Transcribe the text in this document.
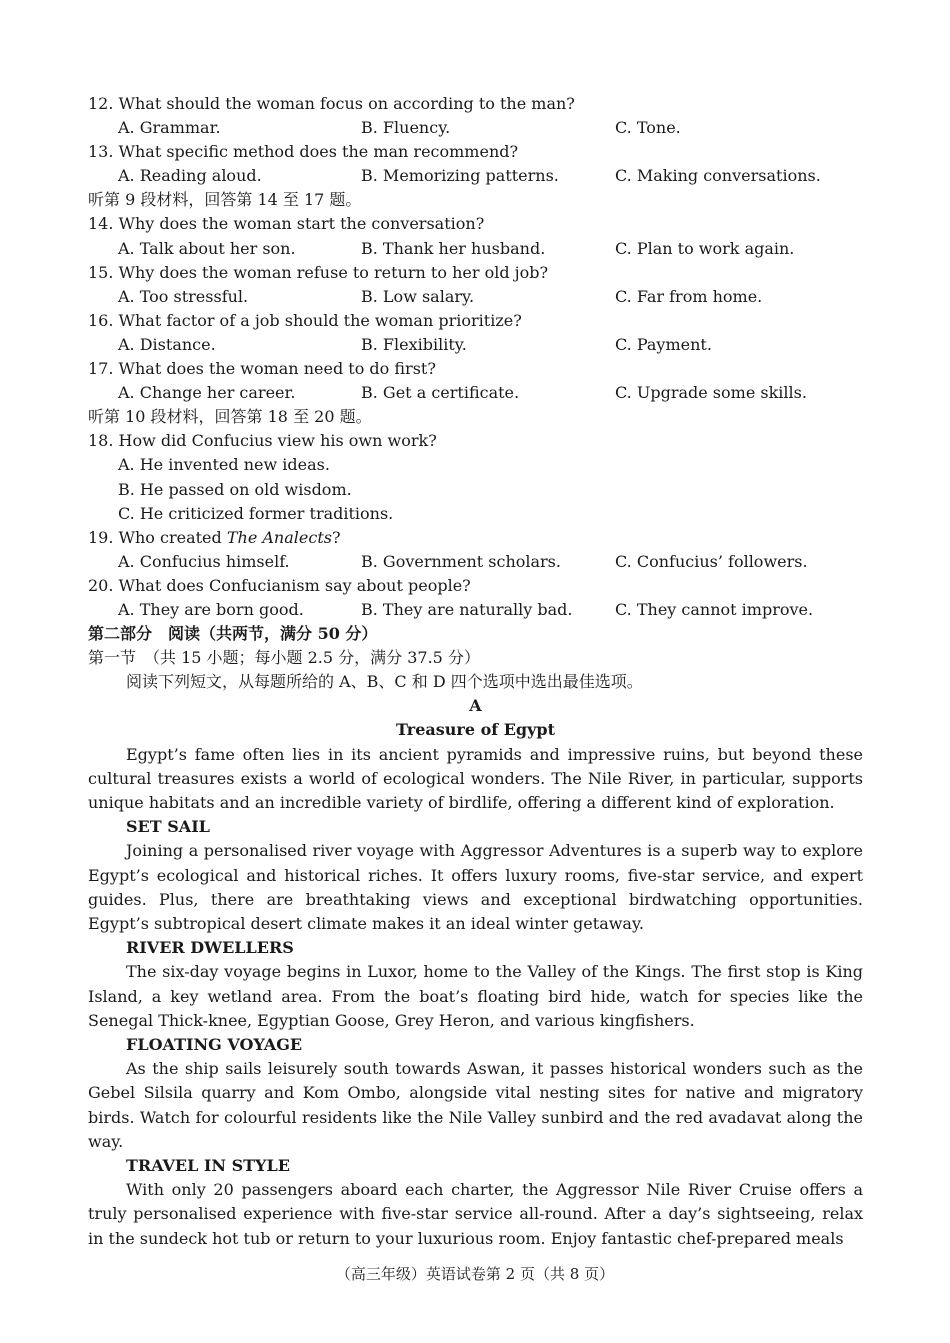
12. What should the woman focus on according to the man?
A. Grammar.	B. Fluency.	C. Tone.
13. What specific method does the man recommend?
A. Reading aloud.	B. Memorizing patterns.	C. Making conversations.
听第 9 段材料，回答第 14 至 17 题。
14. Why does the woman start the conversation?
A. Talk about her son.	B. Thank her husband.	C. Plan to work again.
15. Why does the woman refuse to return to her old job?
A. Too stressful.	B. Low salary.	C. Far from home.
16. What factor of a job should the woman prioritize?
A. Distance.	B. Flexibility.	C. Payment.
17. What does the woman need to do first?
A. Change her career.	B. Get a certificate.	C. Upgrade some skills.
听第 10 段材料，回答第 18 至 20 题。
18. How did Confucius view his own work?
A. He invented new ideas.
B. He passed on old wisdom.
C. He criticized former traditions.
19. Who created The Analects?
A. Confucius himself.	B. Government scholars.	C. Confucius’ followers.
20. What does Confucianism say about people?
A. They are born good.	B. They are naturally bad.	C. They cannot improve.
第二部分　阅读（共两节，满分 50 分）
第一节　（共 15 小题；每小题 2.5 分，满分 37.5 分）
阅读下列短文，从每题所给的 A、B、C 和 D 四个选项中选出最佳选项。
A
Treasure of Egypt

Egypt’s fame often lies in its ancient pyramids and impressive ruins, but beyond these cultural treasures exists a world of ecological wonders. The Nile River, in particular, supports unique habitats and an incredible variety of birdlife, offering a different kind of exploration.

SET SAIL

Joining a personalised river voyage with Aggressor Adventures is a superb way to explore Egypt’s ecological and historical riches. It offers luxury rooms, five-star service, and expert guides. Plus, there are breathtaking views and exceptional birdwatching opportunities. Egypt’s subtropical desert climate makes it an ideal winter getaway.

RIVER DWELLERS

The six-day voyage begins in Luxor, home to the Valley of the Kings. The first stop is King Island, a key wetland area. From the boat’s floating bird hide, watch for species like the Senegal Thick-knee, Egyptian Goose, Grey Heron, and various kingfishers.

FLOATING VOYAGE

As the ship sails leisurely south towards Aswan, it passes historical wonders such as the Gebel Silsila quarry and Kom Ombo, alongside vital nesting sites for native and migratory birds. Watch for colourful residents like the Nile Valley sunbird and the red avadavat along the way.

TRAVEL IN STYLE

With only 20 passengers aboard each charter, the Aggressor Nile River Cruise offers a truly personalised experience with five-star service all-round. After a day’s sightseeing, relax in the sundeck hot tub or return to your luxurious room. Enjoy fantastic chef-prepared meals

（高三年级）英语试卷第 2 页（共 8 页）
